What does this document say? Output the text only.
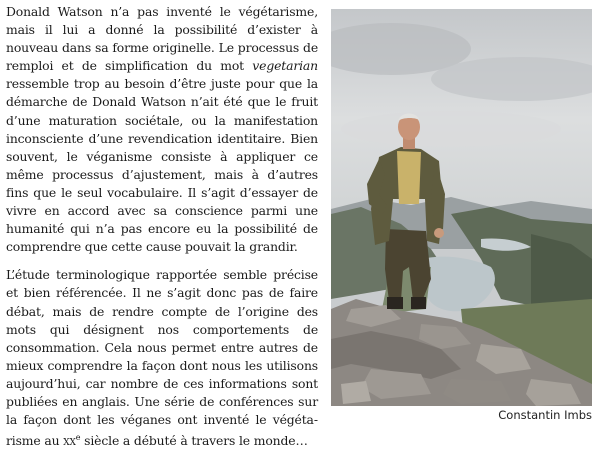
Donald Watson n’a pas inventé le végétarisme, mais il lui a donné la possibilité d’exister à nouveau dans sa forme originelle. Le processus de remploi et de simplification du mot vegetarian ressemble trop au besoin d’être juste pour que la démarche de Donald Watson n’ait été que le fruit d’une maturation sociétale, ou la manifestation inconsciente d’une revendication identitaire. Bien souvent, le véganisme consiste à appliquer ce même processus d’ajustement, mais à d’autres fins que le seul vocabulaire. Il s’agit d’essayer de vivre en accord avec sa conscience parmi une humanité qui n’a pas encore eu la possibilité de comprendre que cette cause pouvait la grandir.

L’étude terminologique rapportée semble précise et bien référencée. Il ne s’agit donc pas de faire débat, mais de rendre compte de l’origine des mots qui désignent nos comportements de consommation. Cela nous permet entre autres de mieux comprendre la façon dont nous les utilisons aujourd’hui, car nombre de ces informations sont publiées en anglais. Une série de conférences sur la façon dont les véganes ont inventé le végétarisme au $xx^e$ siècle a débuté à travers le monde…

Constantin Imbs
